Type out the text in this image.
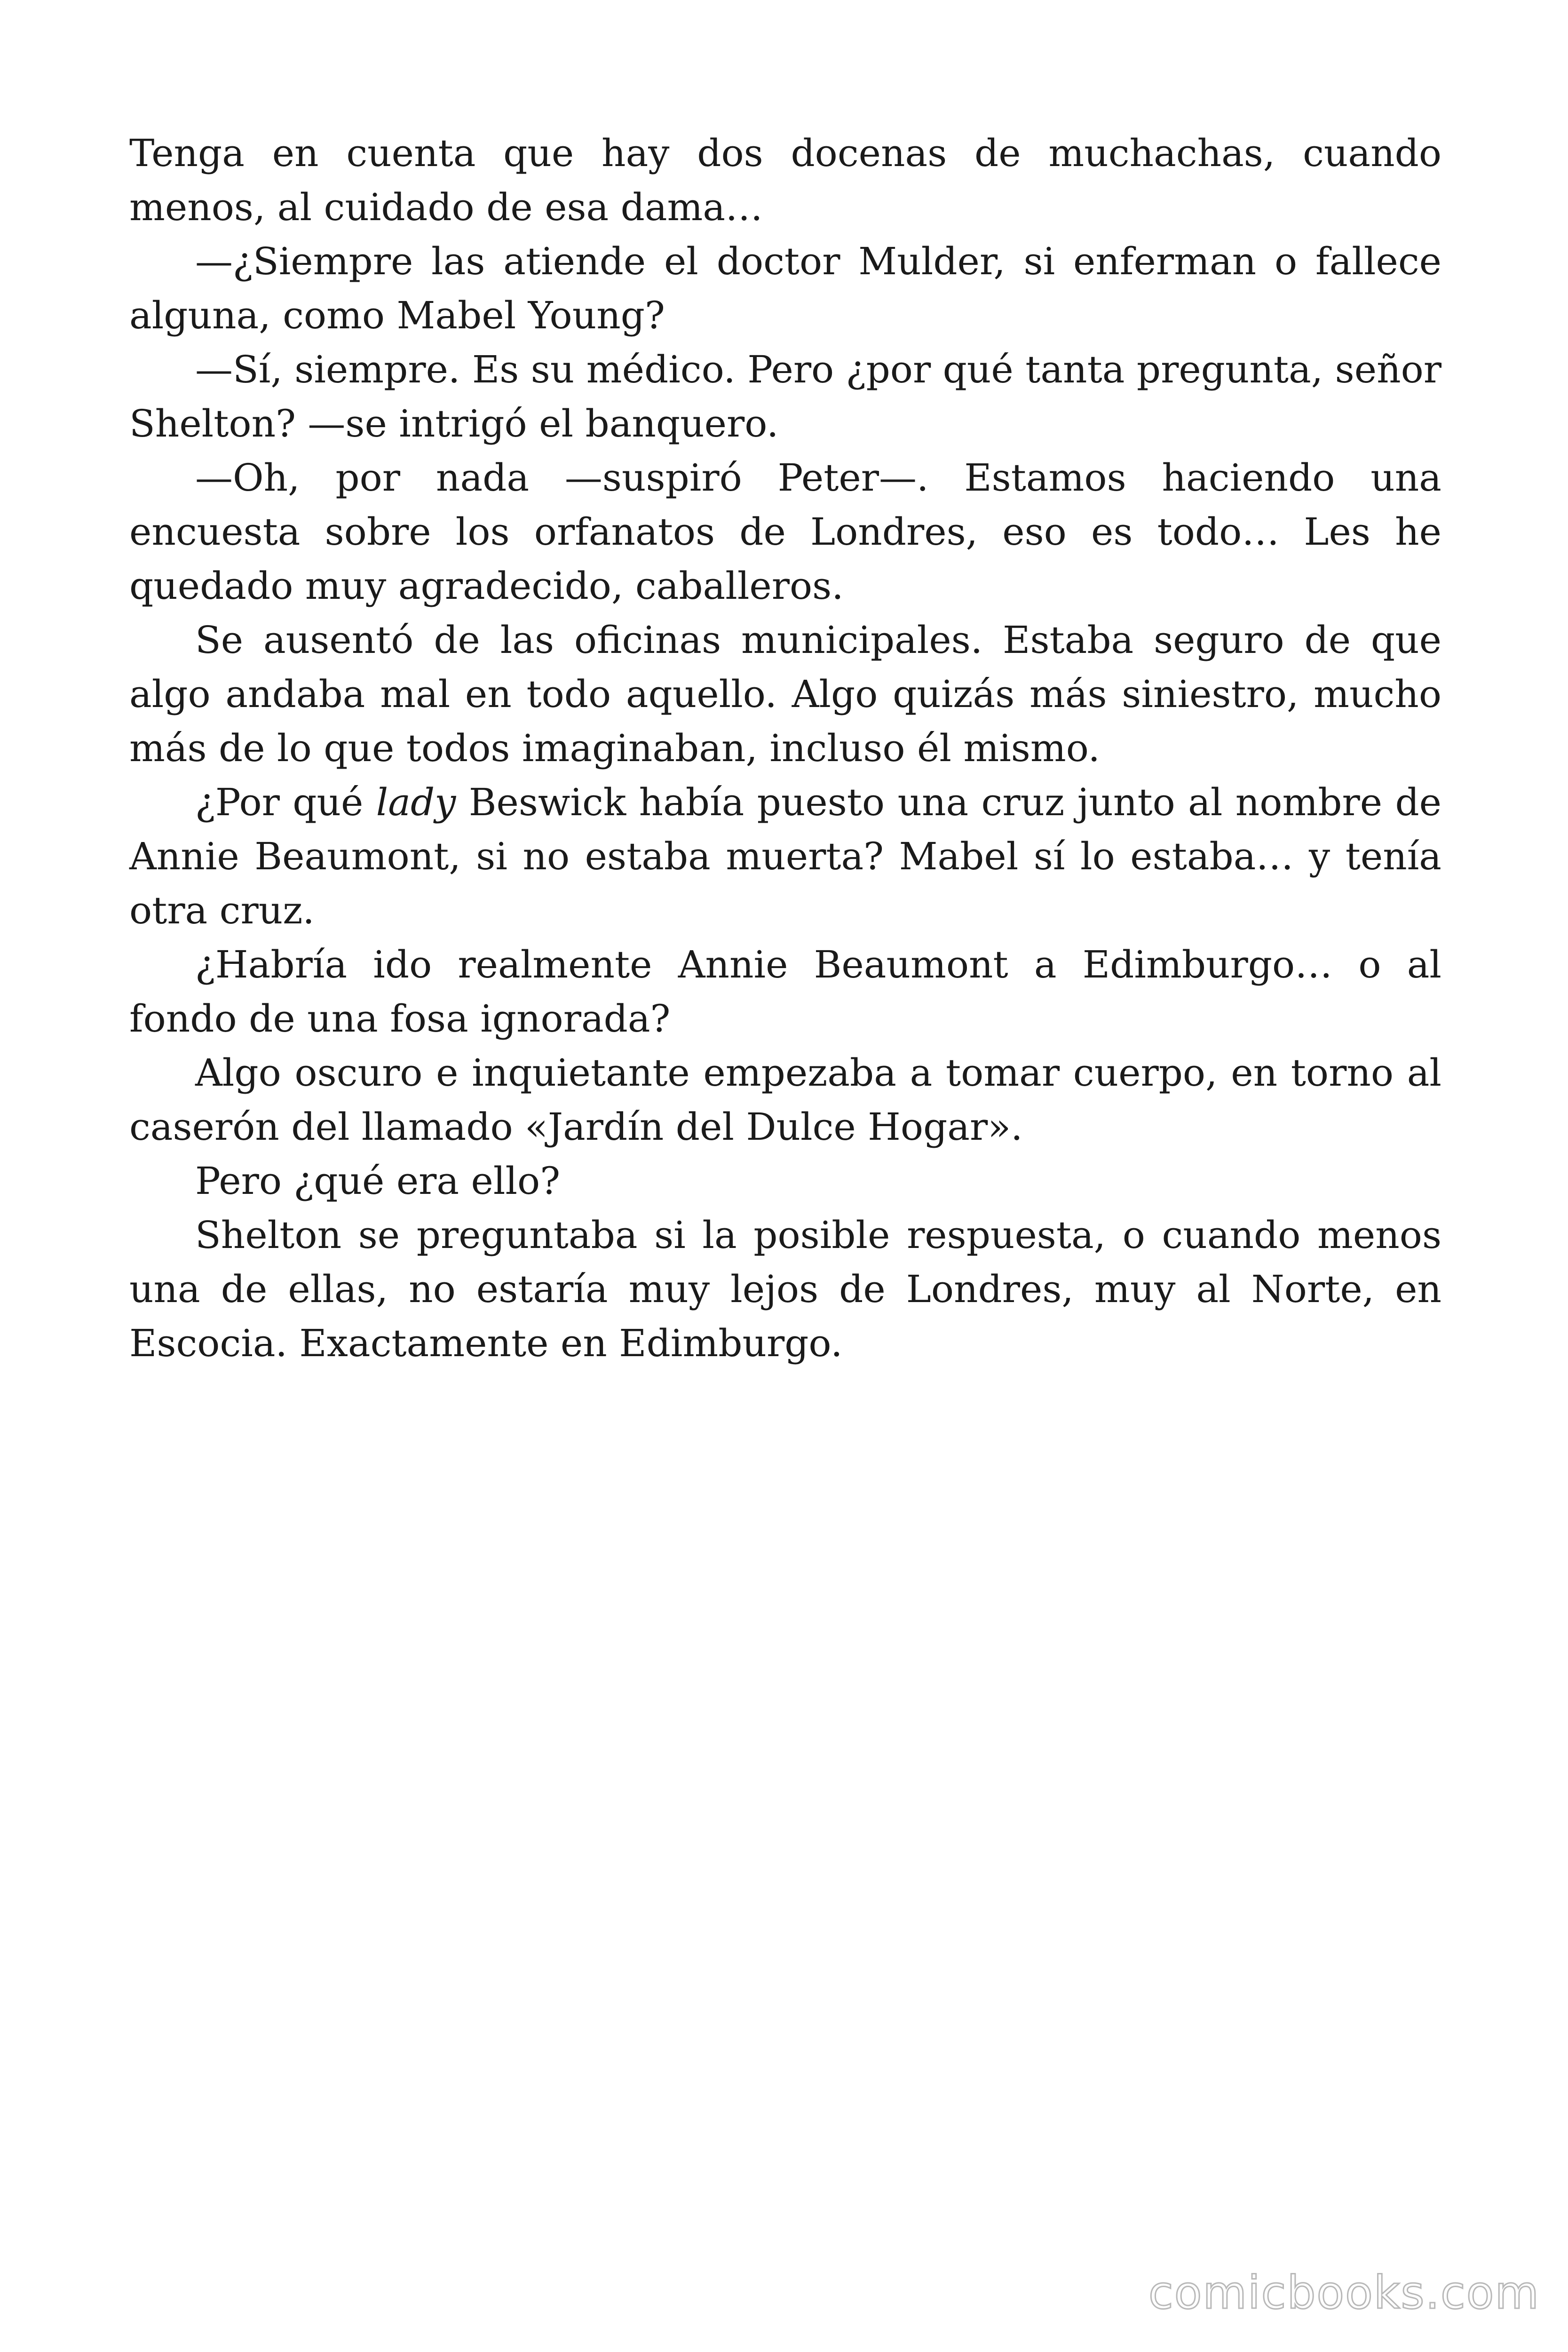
Tenga en cuenta que hay dos docenas de muchachas, cuando menos, al cuidado de esa dama…

—¿Siempre las atiende el doctor Mulder, si enferman o fallece alguna, como Mabel Young?

—Sí, siempre. Es su médico. Pero ¿por qué tanta pregunta, señor Shelton? —se intrigó el banquero.

—Oh, por nada —suspiró Peter—. Estamos haciendo una encuesta sobre los orfanatos de Londres, eso es todo… Les he quedado muy agradecido, caballeros.

Se ausentó de las oficinas municipales. Estaba seguro de que algo andaba mal en todo aquello. Algo quizás más siniestro, mucho más de lo que todos imaginaban, incluso él mismo.

¿Por qué lady Beswick había puesto una cruz junto al nombre de Annie Beaumont, si no estaba muerta? Mabel sí lo estaba… y tenía otra cruz.

¿Habría ido realmente Annie Beaumont a Edimburgo… o al fondo de una fosa ignorada?

Algo oscuro e inquietante empezaba a tomar cuerpo, en torno al caserón del llamado «Jardín del Dulce Hogar».

Pero ¿qué era ello?

Shelton se preguntaba si la posible respuesta, o cuando menos una de ellas, no estaría muy lejos de Londres, muy al Norte, en Escocia. Exactamente en Edimburgo.

comicbooks.com
